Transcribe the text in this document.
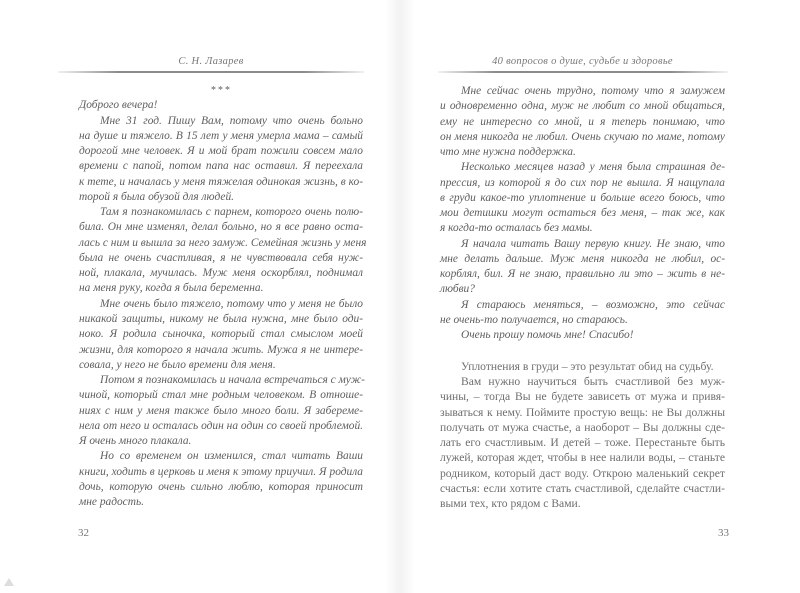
С. Н. Лазарев
***
Доброго вечера!
Мне 31 год. Пишу Вам, потому что очень больно
на душе и тяжело. В 15 лет у меня умерла мама – самый
дорогой мне человек. Я и мой брат пожили совсем мало
времени с папой, потом папа нас оставил. Я переехала
к тете, и началась у меня тяжелая одинокая жизнь, в ко-
торой я была обузой для людей.
Там я познакомилась с парнем, которого очень полю-
била. Он мне изменял, делал больно, но я все равно оста-
лась с ним и вышла за него замуж. Семейная жизнь у меня
была не очень счастливая, я не чувствовала себя нуж-
ной, плакала, мучилась. Муж меня оскорблял, поднимал
на меня руку, когда я была беременна.
Мне очень было тяжело, потому что у меня не было
никакой защиты, никому не была нужна, мне было оди-
ноко. Я родила сыночка, который стал смыслом моей
жизни, для которого я начала жить. Мужа я не интере-
совала, у него не было времени для меня.
Потом я познакомилась и начала встречаться с муж-
чиной, который стал мне родным человеком. В отноше-
ниях с ним у меня также было много боли. Я забереме-
нела от него и осталась один на один со своей проблемой.
Я очень много плакала.
Но со временем он изменился, стал читать Ваши
книги, ходить в церковь и меня к этому приучил. Я родила
дочь, которую очень сильно люблю, которая приносит
мне радость.
32
40 вопросов о душе, судьбе и здоровье
Мне сейчас очень трудно, потому что я замужем
и одновременно одна, муж не любит со мной общаться,
ему не интересно со мной, и я теперь понимаю, что
он меня никогда не любил. Очень скучаю по маме, потому
что мне нужна поддержка.
Несколько месяцев назад у меня была страшная де-
прессия, из которой я до сих пор не вышла. Я нащупала
в груди какое-то уплотнение и больше всего боюсь, что
мои детишки могут остаться без меня, – так же, как
я когда-то осталась без мамы.
Я начала читать Вашу первую книгу. Не знаю, что
мне делать дальше. Муж меня никогда не любил, ос-
корблял, бил. Я не знаю, правильно ли это – жить в не-
любви?
Я стараюсь меняться, – возможно, это сейчас
не очень-то получается, но стараюсь.
Очень прошу помочь мне! Спасибо!
Уплотнения в груди – это результат обид на судьбу.
Вам нужно научиться быть счастливой без муж-
чины, – тогда Вы не будете зависеть от мужа и привя-
зываться к нему. Поймите простую вещь: не Вы должны
получать от мужа счастье, а наоборот – Вы должны сде-
лать его счастливым. И детей – тоже. Перестаньте быть
лужей, которая ждет, чтобы в нее налили воды, – станьте
родником, который даст воду. Открою маленький секрет
счастья: если хотите стать счастливой, сделайте счастли-
выми тех, кто рядом с Вами.
33
